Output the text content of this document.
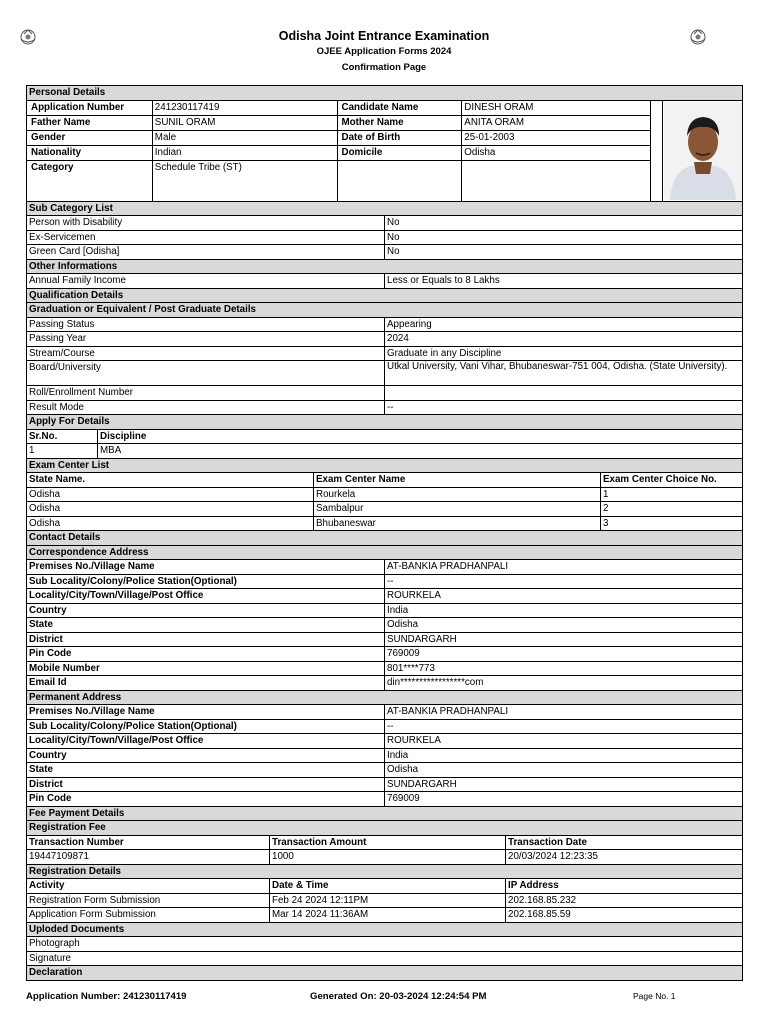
Odisha Joint Entrance Examination
OJEE Application Forms 2024
Confirmation Page
Personal Details
Application Number	241230117419	Candidate Name	DINESH ORAM
Father Name	SUNIL ORAM	Mother Name	ANITA ORAM
Gender	Male	Date of Birth	25-01-2003
Nationality	Indian	Domicile	Odisha
Category	Schedule Tribe (ST)
Sub Category List
Person with Disability	No
Ex-Servicemen	No
Green Card [Odisha]	No
Other Informations
Annual Family Income	Less or Equals to 8 Lakhs
Qualification Details
Graduation or Equivalent / Post Graduate Details
Passing Status	Appearing
Passing Year	2024
Stream/Course	Graduate in any Discipline
Board/University	Utkal University, Vani Vihar, Bhubaneswar-751 004, Odisha. (State University).
Roll/Enrollment Number
Result Mode	--
Apply For Details
Sr.No.	Discipline
1	MBA
Exam Center List
State Name.	Exam Center Name	Exam Center Choice No.
Odisha	Rourkela	1
Odisha	Sambalpur	2
Odisha	Bhubaneswar	3
Contact Details
Correspondence Address
Premises No./Village Name	AT-BANKIA PRADHANPALI
Sub Locality/Colony/Police Station(Optional)	--
Locality/City/Town/Village/Post Office	ROURKELA
Country	India
State	Odisha
District	SUNDARGARH
Pin Code	769009
Mobile Number	801****773
Email Id	din*****************com
Permanent Address
Premises No./Village Name	AT-BANKIA PRADHANPALI
Sub Locality/Colony/Police Station(Optional)	--
Locality/City/Town/Village/Post Office	ROURKELA
Country	India
State	Odisha
District	SUNDARGARH
Pin Code	769009
Fee Payment Details
Registration Fee
Transaction Number	Transaction Amount	Transaction Date
19447109871	1000	20/03/2024 12:23:35
Registration Details
Activity	Date & Time	IP Address
Registration Form Submission	Feb 24 2024 12:11PM	202.168.85.232
Application Form Submission	Mar 14 2024 11:36AM	202.168.85.59
Uploded Documents
Photograph
Signature
Declaration
Application Number: 241230117419	Generated On: 20-03-2024 12:24:54 PM	Page No. 1
